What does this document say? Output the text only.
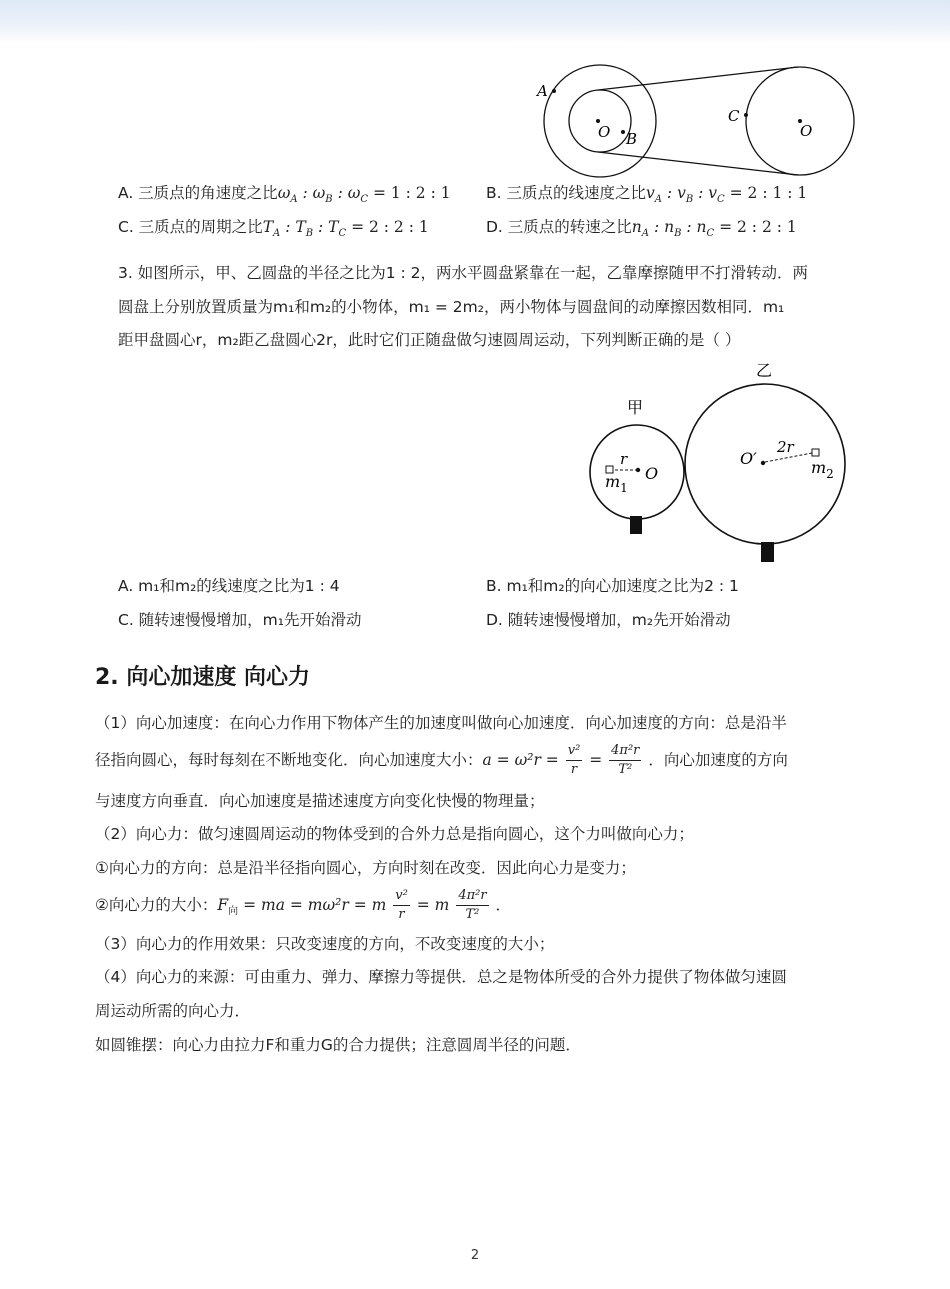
A
O B
C
O
A. 三质点的角速度之比$\omega_A$ : $\omega_B$ : $\omega_C = 1$ : 2 : 1 B. 三质点的线速度之比$v_A$ : $v_B$ : $v_C = 2$ : 1 : 1
C. 三质点的周期之比$T_A$ : $T_B$ : $T_C = 2$ : 2 : 1	D. 三质点的转速之比$n_A$ : $n_B$ : $n_C = 2$ : 2 : 1
3. 如图所示，甲、乙圆盘的半径之比为1 : 2，两水平圆盘紧靠在一起，乙靠摩擦随甲不打滑转动．两
圆盘上分别放置质量为m₁和m₂的小物体，m₁ = 2m₂，两小物体与圆盘间的动摩擦因数相同．m₁
距甲盘圆心r，m₂距乙盘圆心2r，此时它们正随盘做匀速圆周运动，下列判断正确的是（ ）
甲
乙
r
O
$m_1$
O′
2r
$m_2$
A. m₁和m₂的线速度之比为1 : 4	B. m₁和m₂的向心加速度之比为2 : 1
C. 随转速慢慢增加，m₁先开始滑动	D. 随转速慢慢增加，m₂先开始滑动
2. 向心加速度 向心力
（1）向心加速度：在向心力作用下物体产生的加速度叫做向心加速度．向心加速度的方向：总是沿半
径指向圆心，每时每刻在不断地变化．向心加速度大小：$a = \omega^2r = \frac{\text{v²}}{r} = \frac{\text{4π²r}}{\text{T²}}$ ．向心加速度的方向
与速度方向垂直．向心加速度是描述速度方向变化快慢的物理量；
（2）向心力：做匀速圆周运动的物体受到的合外力总是指向圆心，这个力叫做向心力；
①向心力的方向：总是沿半径指向圆心，方向时刻在改变．因此向心力是变力；
②向心力的大小：$F_向$ = ma = mω²r = m $\frac{\text{v²}}{r} = m \frac{\text{4π²r}}{\text{T²}}$ ．
（3）向心力的作用效果：只改变速度的方向，不改变速度的大小；
（4）向心力的来源：可由重力、弹力、摩擦力等提供．总之是物体所受的合外力提供了物体做匀速圆
周运动所需的向心力．
如圆锥摆：向心力由拉力F和重力G的合力提供；注意圆周半径的问题．
2
